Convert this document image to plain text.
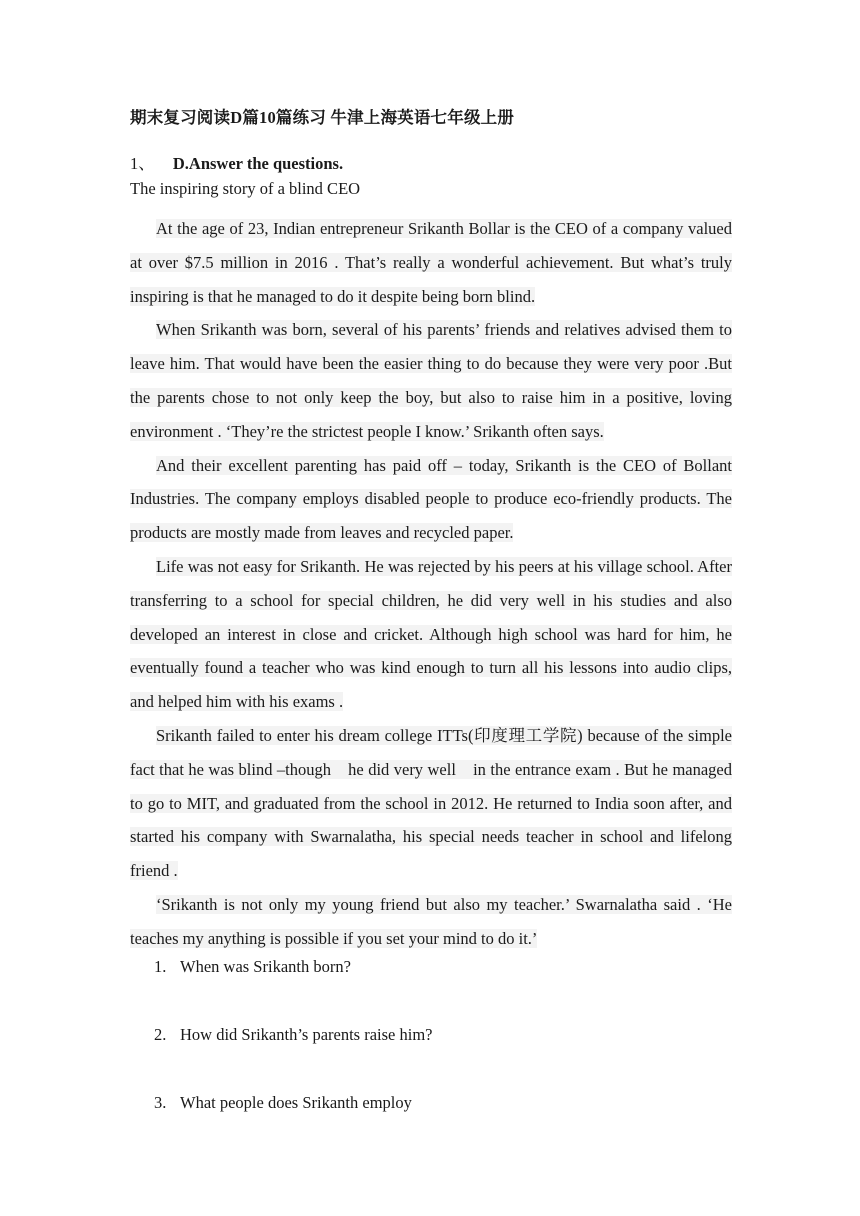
期末复习阅读D篇10篇练习 牛津上海英语七年级上册
1、 D.Answer the questions.
The inspiring story of a blind CEO

At the age of 23, Indian entrepreneur Srikanth Bollar is the CEO of a company valued at over $7.5 million in 2016 . That’s really a wonderful achievement. But what’s truly inspiring is that he managed to do it despite being born blind.

When Srikanth was born, several of his parents’ friends and relatives advised them to leave him. That would have been the easier thing to do because they were very poor .But the parents chose to not only keep the boy, but also to raise him in a positive, loving environment . ‘They’re the strictest people I know.’ Srikanth often says.

And their excellent parenting has paid off – today, Srikanth is the CEO of Bollant Industries. The company employs disabled people to produce eco-friendly products. The products are mostly made from leaves and recycled paper.

Life was not easy for Srikanth. He was rejected by his peers at his village school. After transferring to a school for special children, he did very well in his studies and also developed an interest in close and cricket. Although high school was hard for him, he eventually found a teacher who was kind enough to turn all his lessons into audio clips, and helped him with his exams .

Srikanth failed to enter his dream college ITTs(印度理工学院) because of the simple fact that he was blind –though　he did very well　in the entrance exam . But he managed to go to MIT, and graduated from the school in 2012. He returned to India soon after, and started his company with Swarnalatha, his special needs teacher in school and lifelong friend .

‘Srikanth is not only my young friend but also my teacher.’ Swarnalatha said . ‘He teaches my anything is possible if you set your mind to do it.’

1. When was Srikanth born?
2. How did Srikanth’s parents raise him?
3. What people does Srikanth employ
